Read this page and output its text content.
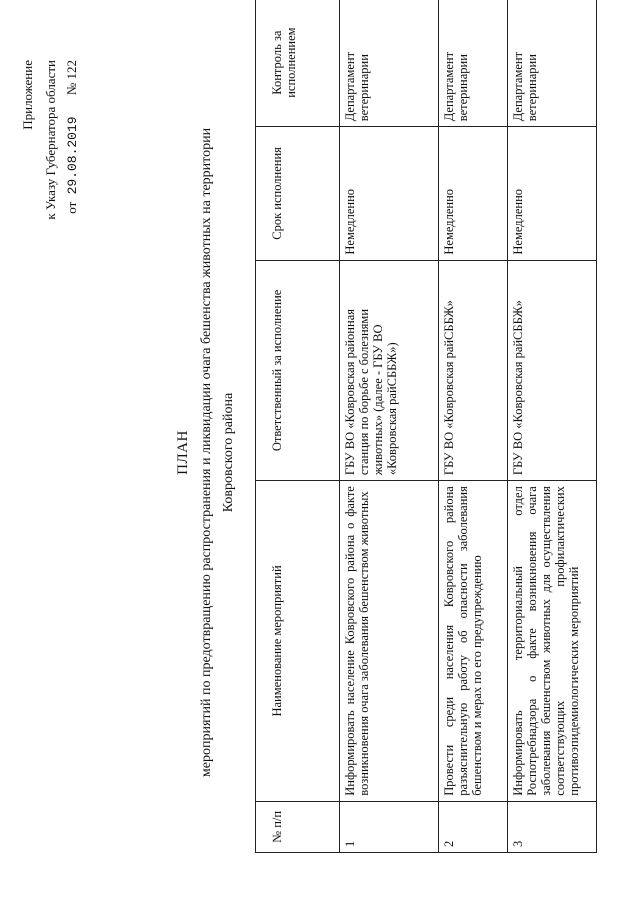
Приложение к Указу Губернатора области от 29.08.2019 № 122
ПЛАН мероприятий по предотвращению распространения и ликвидации очага бешенства животных на территории Ковровского района
№ п/п	Наименование мероприятий	Ответственный за исполнение	Срок исполнения	Контроль за исполнением
1	Информировать население Ковровского района о факте возникновения очага заболевания бешенством животных	ГБУ ВО «Ковровская районная станция по борьбе с болезнями животных» (далее - ГБУ ВО «Ковровская райСББЖ»)	Немедленно	Департамент ветеринарии
2	Провести среди населения Ковровского района разъяснительную работу об опасности заболевания бешенством и мерах по его предупреждению	ГБУ ВО «Ковровская райСББЖ»	Немедленно	Департамент ветеринарии
3	Информировать территориальный отдел Роспотребнадзора о факте возникновения очага заболевания бешенством животных для осуществления соответствующих профилактических противоэпидемиологических мероприятий	ГБУ ВО «Ковровская райСББЖ»	Немедленно	Департамент ветеринарии
